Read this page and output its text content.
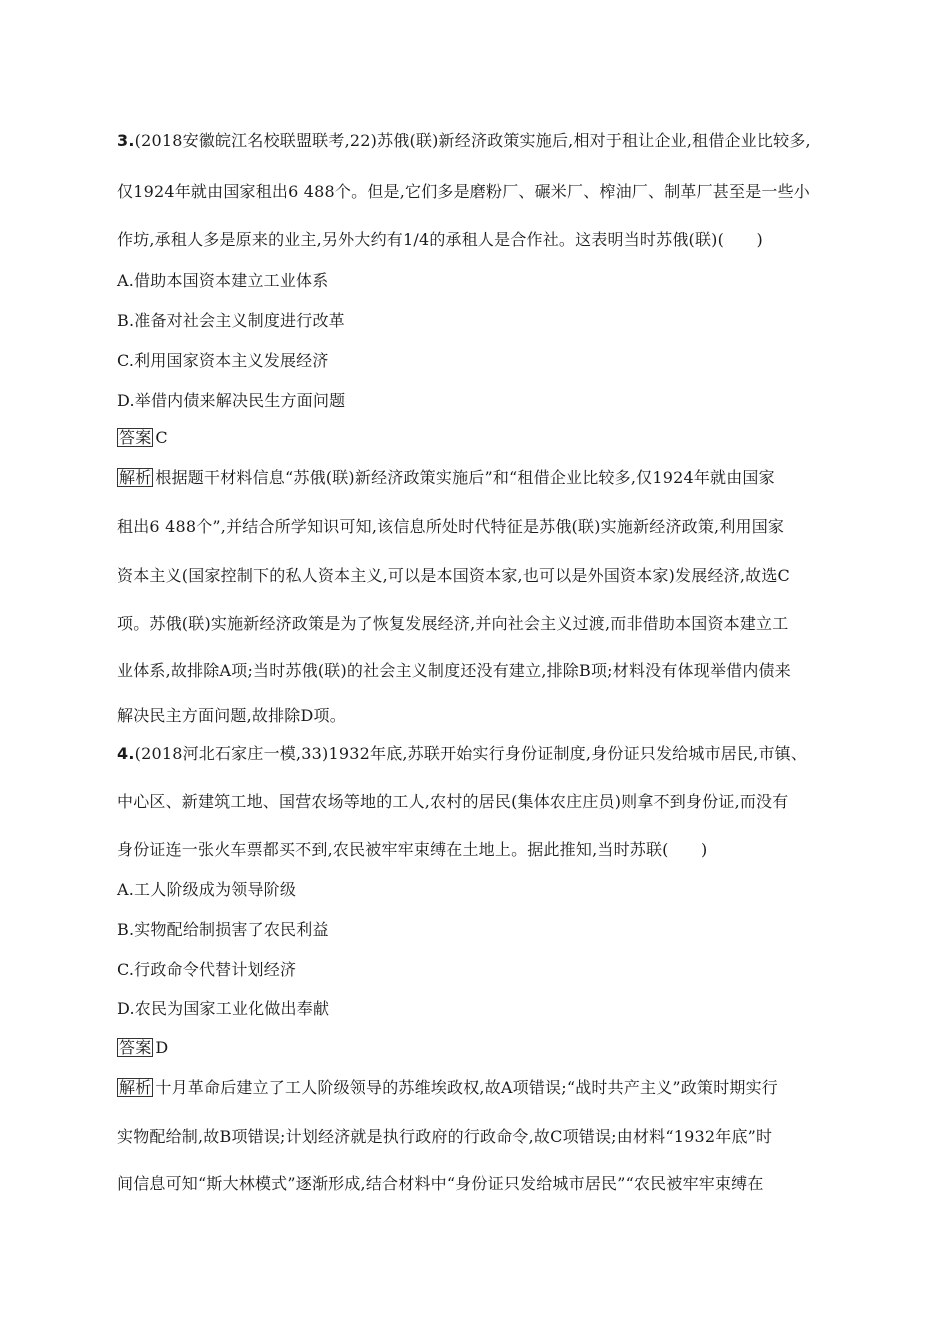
3.(2018安徽皖江名校联盟联考,22)苏俄(联)新经济政策实施后,相对于租让企业,租借企业比较多,
仅1924年就由国家租出6 488个。但是,它们多是磨粉厂、碾米厂、榨油厂、制革厂甚至是一些小
作坊,承租人多是原来的业主,另外大约有1/4的承租人是合作社。这表明当时苏俄(联)(　　)
A.借助本国资本建立工业体系
B.准备对社会主义制度进行改革
C.利用国家资本主义发展经济
D.举借内债来解决民生方面问题
答案 C
解析 根据题干材料信息“苏俄(联)新经济政策实施后”和“租借企业比较多,仅1924年就由国家
租出6 488个”,并结合所学知识可知,该信息所处时代特征是苏俄(联)实施新经济政策,利用国家
资本主义(国家控制下的私人资本主义,可以是本国资本家,也可以是外国资本家)发展经济,故选C
项。苏俄(联)实施新经济政策是为了恢复发展经济,并向社会主义过渡,而非借助本国资本建立工
业体系,故排除A项;当时苏俄(联)的社会主义制度还没有建立,排除B项;材料没有体现举借内债来
解决民主方面问题,故排除D项。
4.(2018河北石家庄一模,33)1932年底,苏联开始实行身份证制度,身份证只发给城市居民,市镇、
中心区、新建筑工地、国营农场等地的工人,农村的居民(集体农庄庄员)则拿不到身份证,而没有
身份证连一张火车票都买不到,农民被牢牢束缚在土地上。据此推知,当时苏联(　　)
A.工人阶级成为领导阶级
B.实物配给制损害了农民利益
C.行政命令代替计划经济
D.农民为国家工业化做出奉献
答案 D
解析 十月革命后建立了工人阶级领导的苏维埃政权,故A项错误;“战时共产主义”政策时期实行
实物配给制,故B项错误;计划经济就是执行政府的行政命令,故C项错误;由材料“1932年底”时
间信息可知“斯大林模式”逐渐形成,结合材料中“身份证只发给城市居民”“农民被牢牢束缚在
